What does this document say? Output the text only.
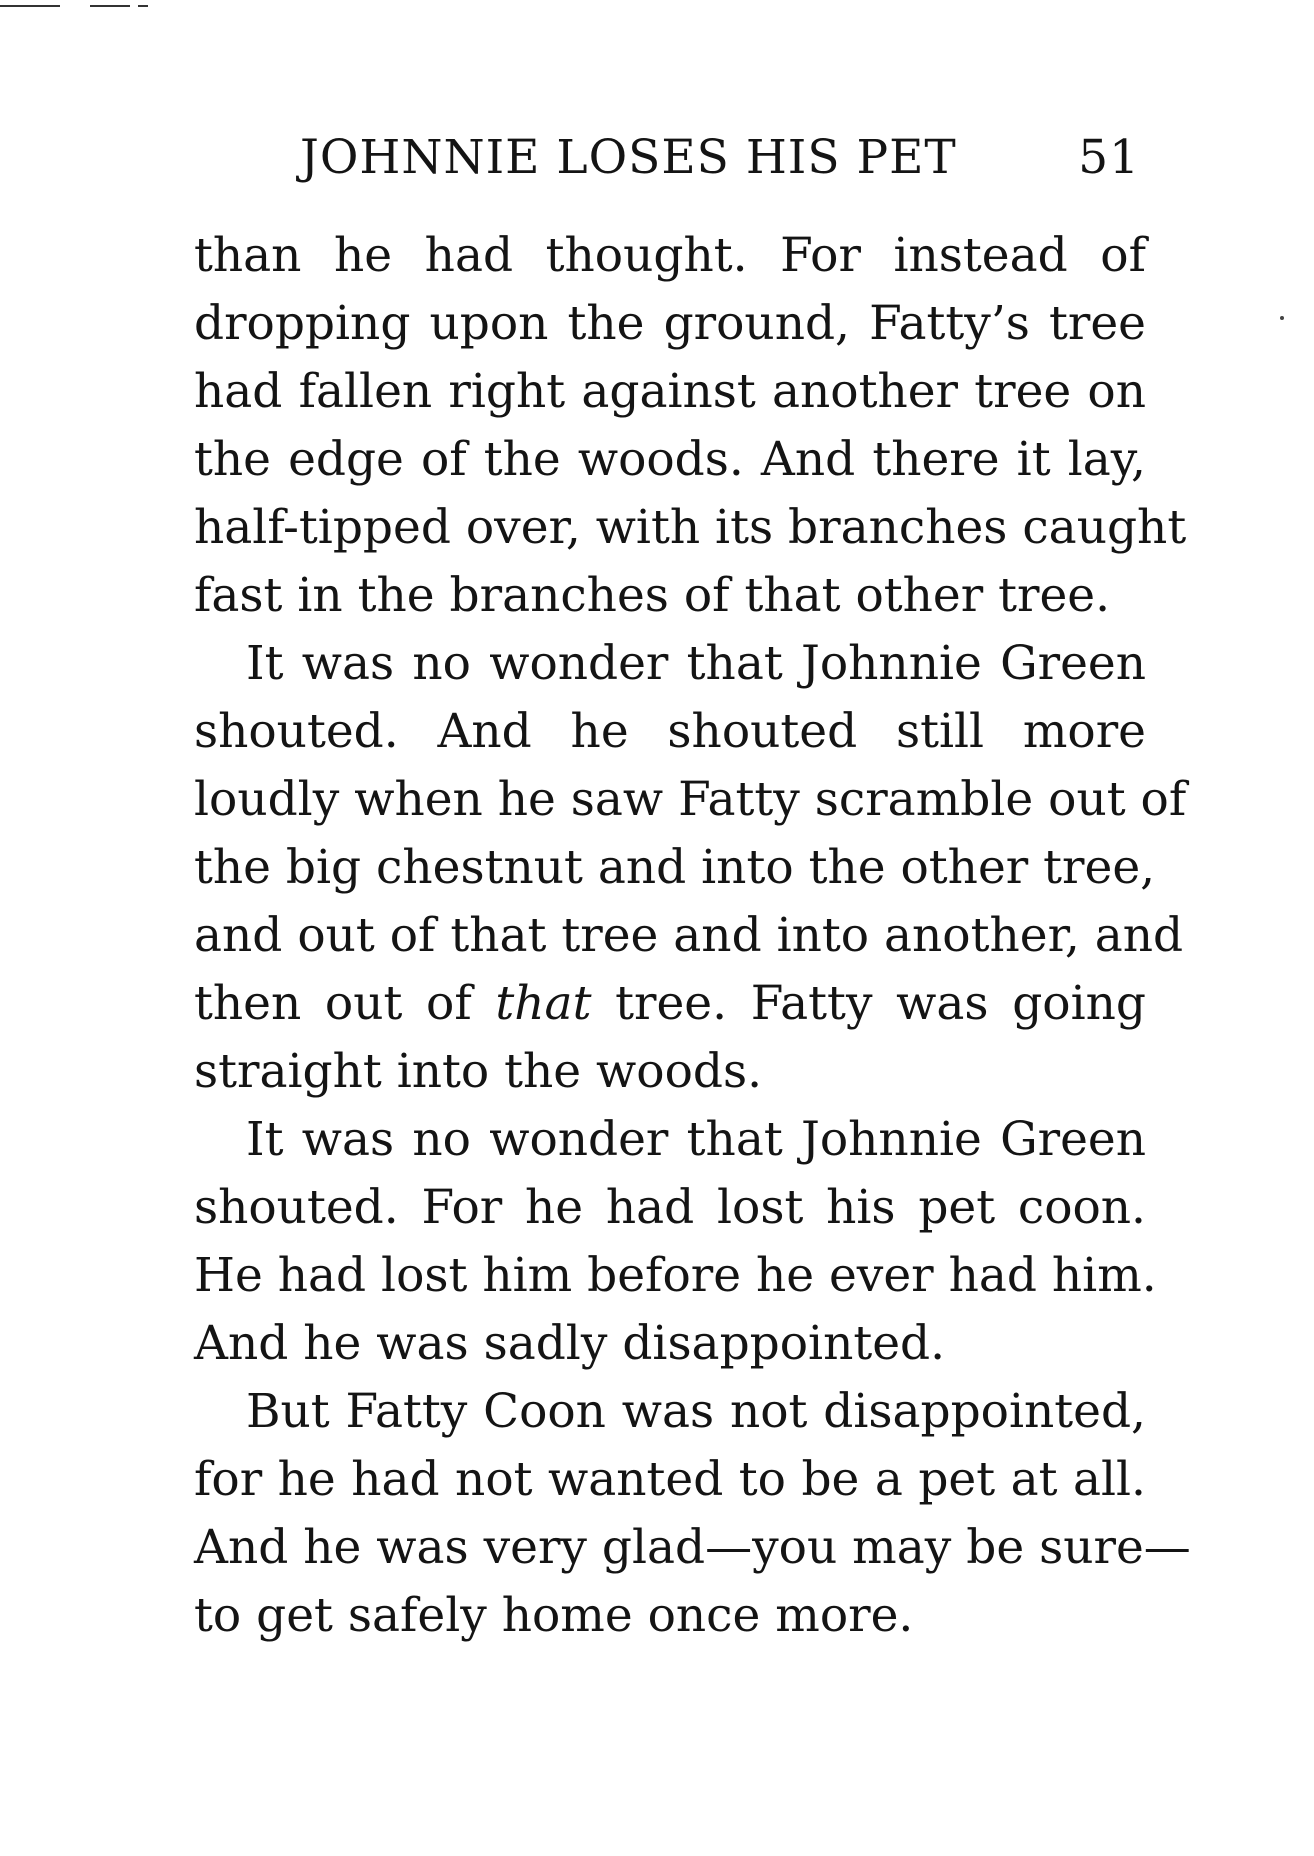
JOHNNIE LOSES HIS PET	51
than he had thought. For instead of
dropping upon the ground, Fatty’s tree
had fallen right against another tree on
the edge of the woods. And there it lay,
half-tipped over, with its branches caught
fast in the branches of that other tree.
It was no wonder that Johnnie Green
shouted. And he shouted still more
loudly when he saw Fatty scramble out of
the big chestnut and into the other tree,
and out of that tree and into another, and
then out of that tree. Fatty was going
straight into the woods.
It was no wonder that Johnnie Green
shouted. For he had lost his pet coon.
He had lost him before he ever had him.
And he was sadly disappointed.
But Fatty Coon was not disappointed,
for he had not wanted to be a pet at all.
And he was very glad—you may be sure—
to get safely home once more.
